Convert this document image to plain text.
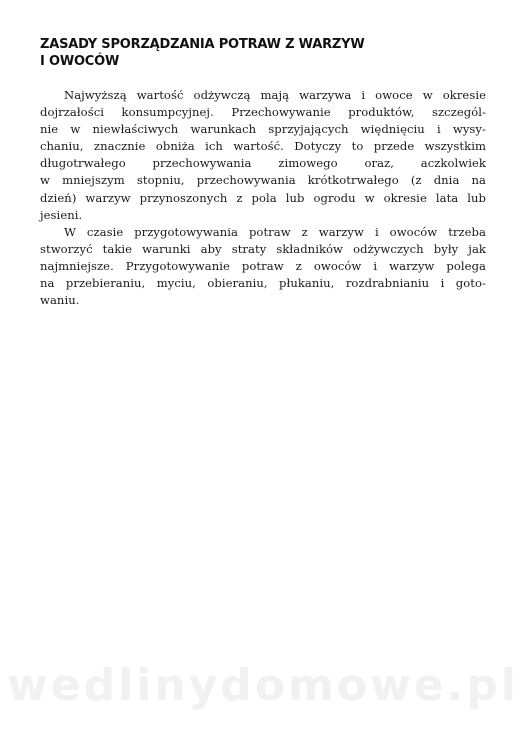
ZASADY SPORZĄDZANIA POTRAW Z WARZYW
I OWOCÓW
Najwyższą wartość odżywczą mają warzywa i owoce w okresie
dojrzałości konsumpcyjnej. Przechowywanie produktów, szczegól-
nie w niewłaściwych warunkach sprzyjających więdnięciu i wysy-
chaniu, znacznie obniża ich wartość. Dotyczy to przede wszystkim
długotrwałego przechowywania zimowego oraz, aczkolwiek
w mniejszym stopniu, przechowywania krótkotrwałego (z dnia na
dzień) warzyw przynoszonych z pola lub ogrodu w okresie lata lub
jesieni.
W czasie przygotowywania potraw z warzyw i owoców trzeba
stworzyć takie warunki aby straty składników odżywczych były jak
najmniejsze. Przygotowywanie potraw z owoców i warzyw polega
na przebieraniu, myciu, obieraniu, płukaniu, rozdrabnianiu i goto-
waniu.
wedlinydomowe.pl
